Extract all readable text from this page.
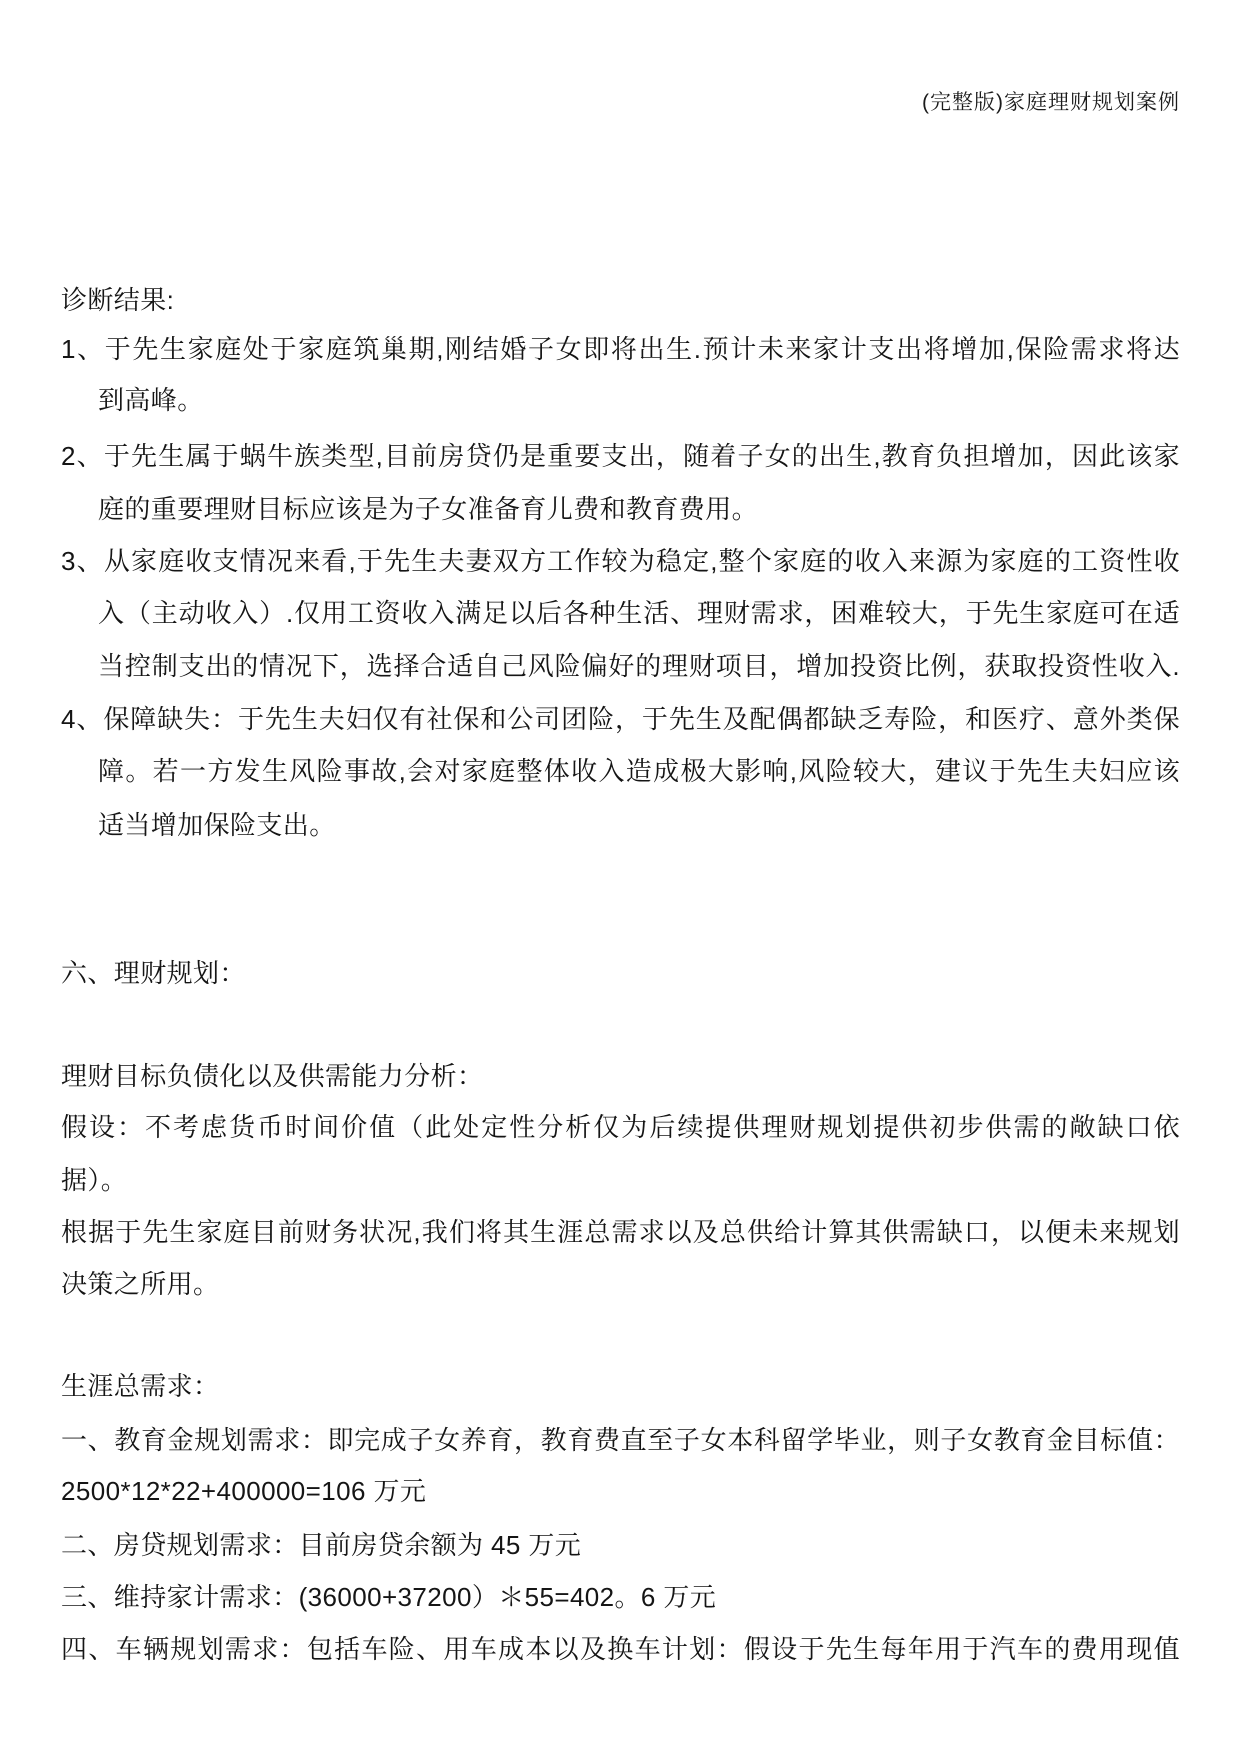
(完整版)家庭理财规划案例
诊断结果:
1、于先生家庭处于家庭筑巢期,刚结婚子女即将出生.预计未来家计支出将增加,保险需求将达
到高峰。
2、于先生属于蜗牛族类型,目前房贷仍是重要支出，随着子女的出生,教育负担增加，因此该家
庭的重要理财目标应该是为子女准备育儿费和教育费用。
3、从家庭收支情况来看,于先生夫妻双方工作较为稳定,整个家庭的收入来源为家庭的工资性收
入（主动收入）.仅用工资收入满足以后各种生活、理财需求，困难较大，于先生家庭可在适
当控制支出的情况下，选择合适自己风险偏好的理财项目，增加投资比例，获取投资性收入.
4、保障缺失：于先生夫妇仅有社保和公司团险，于先生及配偶都缺乏寿险，和医疗、意外类保
障。若一方发生风险事故,会对家庭整体收入造成极大影响,风险较大，建议于先生夫妇应该
适当增加保险支出。
六、理财规划：
理财目标负债化以及供需能力分析：
假设：不考虑货币时间价值（此处定性分析仅为后续提供理财规划提供初步供需的敞缺口依
据）。
根据于先生家庭目前财务状况,我们将其生涯总需求以及总供给计算其供需缺口，以便未来规划
决策之所用。
生涯总需求：
一、教育金规划需求：即完成子女养育，教育费直至子女本科留学毕业，则子女教育金目标值：
2500*12*22+400000=106 万元
二、房贷规划需求：目前房贷余额为 45 万元
三、维持家计需求：(36000+37200）＊55=402。6 万元
四、车辆规划需求：包括车险、用车成本以及换车计划：假设于先生每年用于汽车的费用现值
